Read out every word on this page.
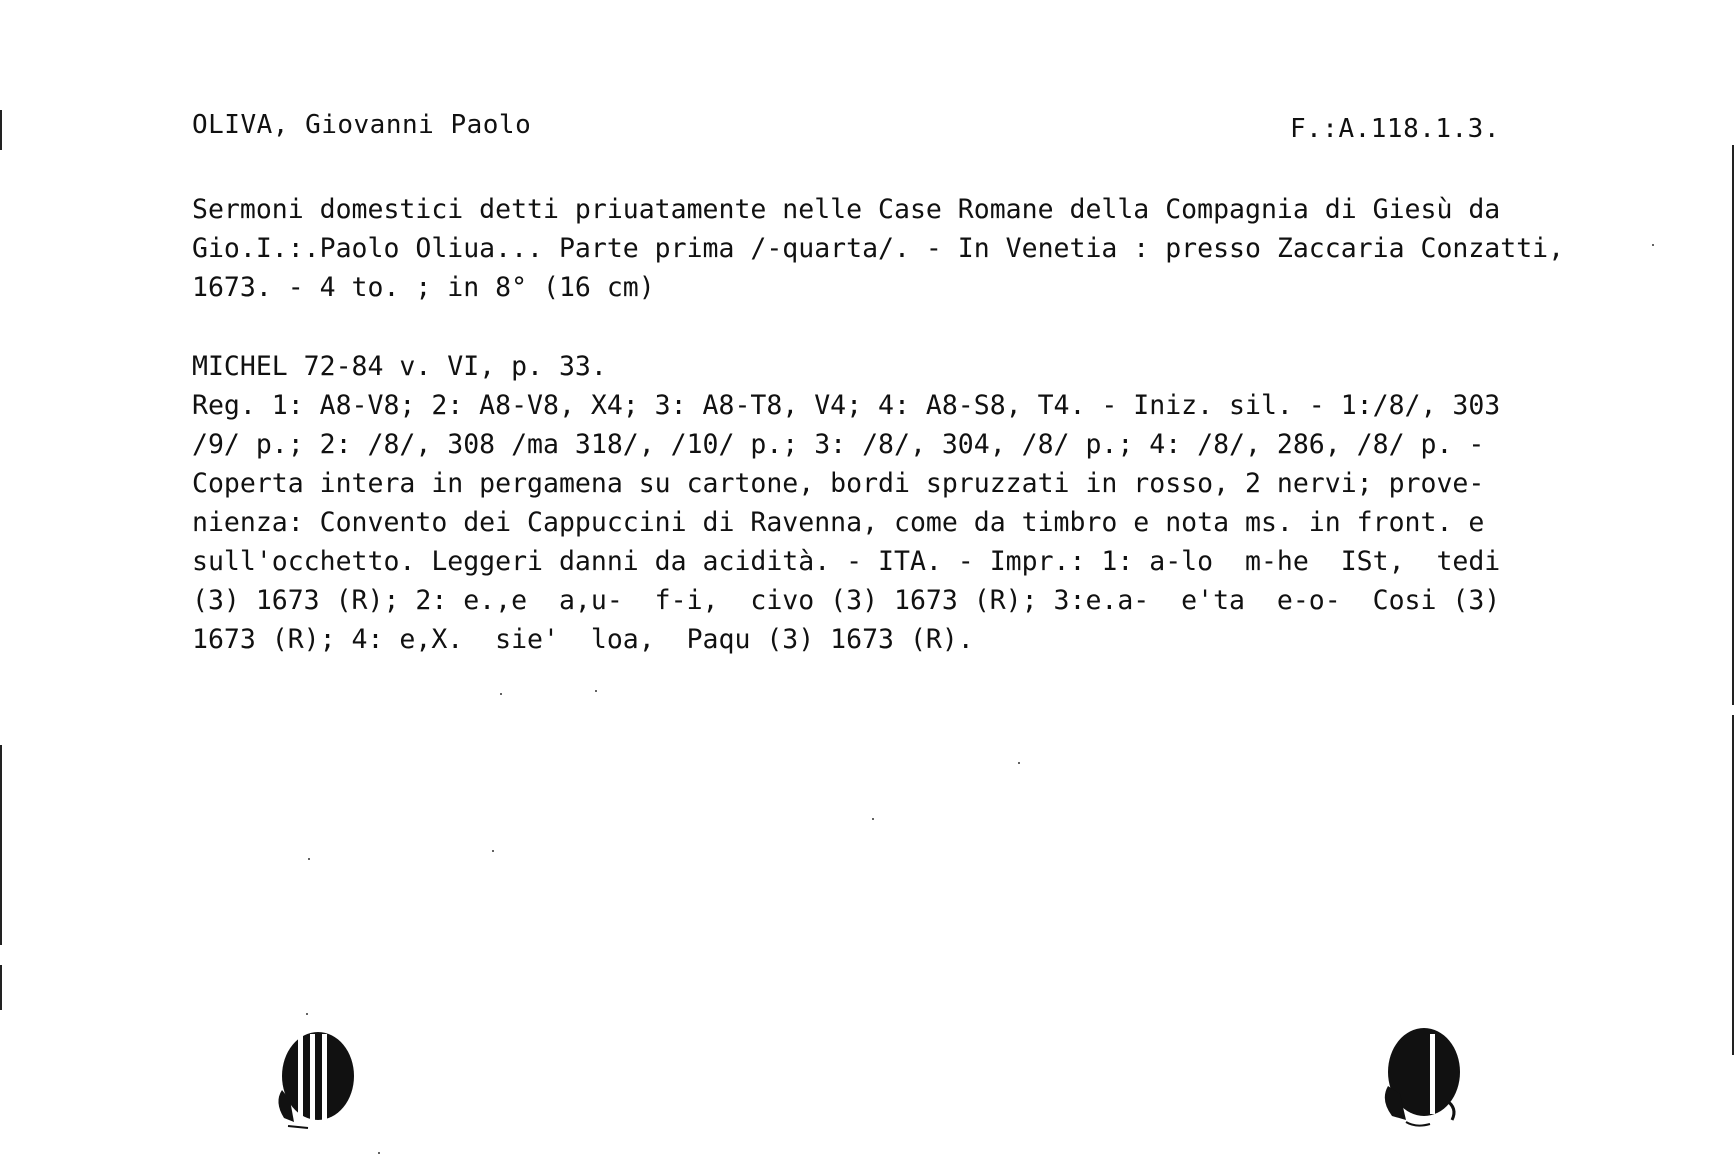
OLIVA, Giovanni Paolo	F.:A.118.1.3.
Sermoni domestici detti priuatamente nelle Case Romane della Compagnia di Giesù da
Gio.I.:.Paolo Oliua... Parte prima /-quarta/. - In Venetia : presso Zaccaria Conzatti,
1673. - 4 to. ; in 8° (16 cm)
MICHEL 72-84 v. VI, p. 33.
Reg. 1: A8-V8; 2: A8-V8, X4; 3: A8-T8, V4; 4: A8-S8, T4. - Iniz. sil. - 1:/8/, 303
/9/ p.; 2: /8/, 308 /ma 318/, /10/ p.; 3: /8/, 304, /8/ p.; 4: /8/, 286, /8/ p. -
Coperta intera in pergamena su cartone, bordi spruzzati in rosso, 2 nervi; prove-
nienza: Convento dei Cappuccini di Ravenna, come da timbro e nota ms. in front. e
sull'occhetto. Leggeri danni da acidità. - ITA. - Impr.: 1: a-lo  m-he  ISt,  tedi
(3) 1673 (R); 2: e.,e  a,u-  f-i,  civo (3) 1673 (R); 3:e.a-  e'ta  e-o-  Cosi (3)
1673 (R); 4: e,X.  sie'  loa,  Paqu (3) 1673 (R).
